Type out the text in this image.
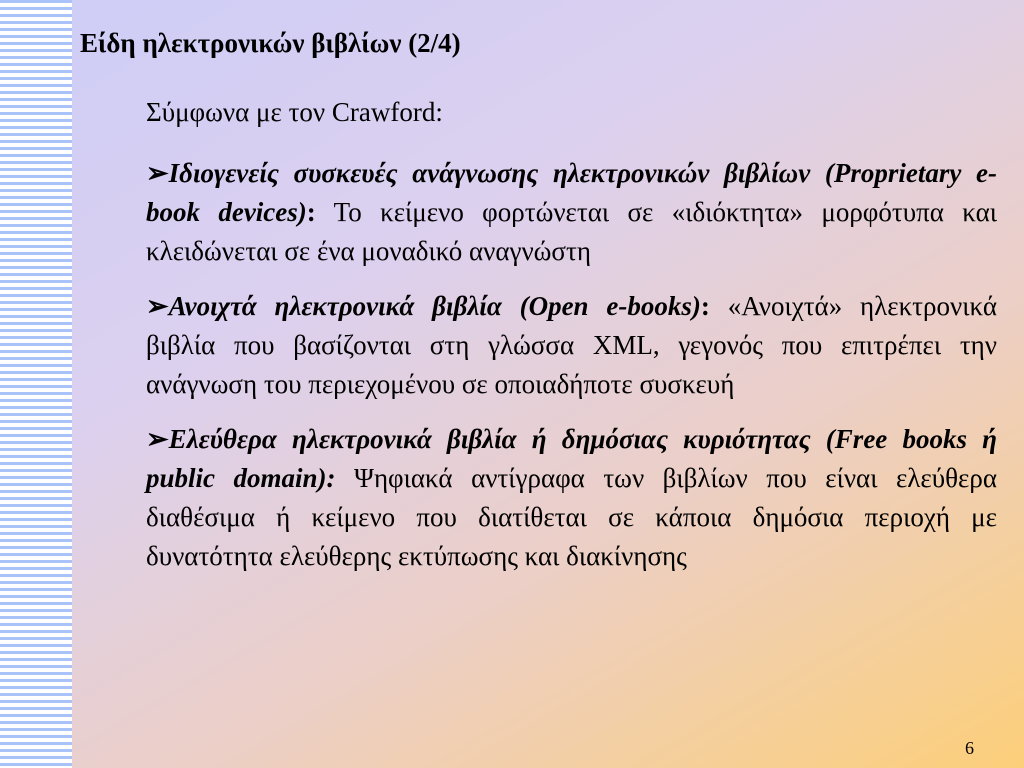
Είδη ηλεκτρονικών βιβλίων (2/4)
Σύμφωνα με τον Crawford:

➢Ιδιογενείς συσκευές ανάγνωσης ηλεκτρονικών βιβλίων (Proprietary e-book devices): Το κείμενο φορτώνεται σε «ιδιόκτητα» μορφότυπα και κλειδώνεται σε ένα μοναδικό αναγνώστη

➢Ανοιχτά ηλεκτρονικά βιβλία (Open e-books): «Ανοιχτά» ηλεκτρονικά βιβλία που βασίζονται στη γλώσσα XML, γεγονός που επιτρέπει την ανάγνωση του περιεχομένου σε οποιαδήποτε συσκευή

➢Ελεύθερα ηλεκτρονικά βιβλία ή δημόσιας κυριότητας (Free books ή public domain): Ψηφιακά αντίγραφα των βιβλίων που είναι ελεύθερα διαθέσιμα ή κείμενο που διατίθεται σε κάποια δημόσια περιοχή με δυνατότητα ελεύθερης εκτύπωσης και διακίνησης

6
